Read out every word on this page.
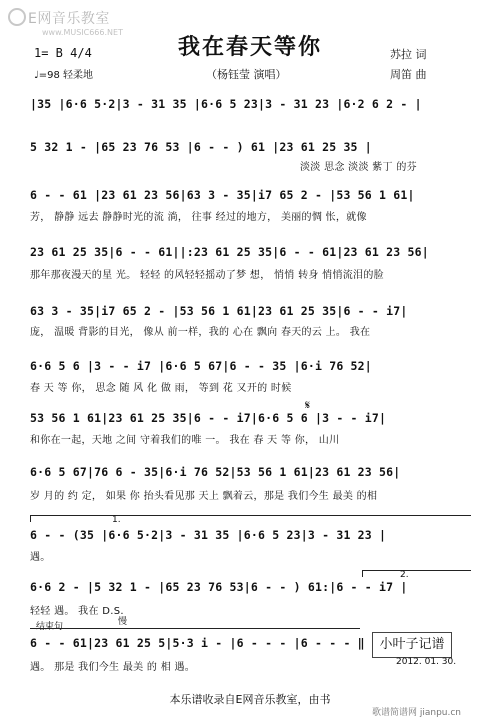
E网音乐教室
www.MUSIC666.NET
我在春天等你
1= B 4/4
♩=98 轻柔地	（杨钰莹 演唱）
苏拉 词
周笛 曲
|35 |6·6 5·2|3 - 31 35 |6·6 5 23|3 - 31 23 |6·2 6 2 - |
5 32 1 - |65 23 76 53 |6 - - ) 61 |23 61 25 35 |
淡淡 思念 淡淡 紫丁 的芬
6 - - 61 |23 61 23 56|63 3 - 35|i7 65 2 - |53 56 1 61|
芳， 静静 远去 静静时光的流 淌， 往事 经过的地方， 美丽的惆 怅，就像
23 61 25 35|6 - - 61||:23 61 25 35|6 - - 61|23 61 23 56|
那年那夜漫天的星 光。 轻轻 的风轻轻摇动了梦 想， 悄悄 转身 悄悄流泪的脸
63 3 - 35|i7 65 2 - |53 56 1 61|23 61 25 35|6 - - i7|
庞， 温暖 背影的目光， 像从 前一样，我的 心在 飘向 春天的云 上。 我在
6·6 5 6 |3 - - i7 |6·6 5 67|6 - - 35 |6·i 76 52|
春 天 等 你， 思念 随 风 化 做 雨， 等到 花 又开的 时候
𝄋
53 56 1 61|23 61 25 35|6 - - i7|6·6 5 6 |3 - - i7|
和你在一起，天地 之间 守着我们的唯 一。 我在 春 天 等 你， 山川
6·6 5 67|76 6 - 35|6·i 76 52|53 56 1 61|23 61 23 56|
岁 月的 约 定， 如果 你 抬头看见那 天上 飘着云，那是 我们今生 最美 的相
1.
6 - - (35 |6·6 5·2|3 - 31 35 |6·6 5 23|3 - 31 23 |
遇。
2.
6·6 2 - |5 32 1 - |65 23 76 53|6 - - ) 61:|6 - - i7 |
轻轻 遇。 我在 D.S.
结束句	慢
6 - - 61|23 61 25 5|5·3 i - |6 - - - |6 - - - ‖
遇。 那是 我们今生 最美 的 相 遇。
小叶子记谱
2012. 01. 30.
本乐谱收录自E网音乐教室，由书
歌谱简谱网 jianpu.cn
